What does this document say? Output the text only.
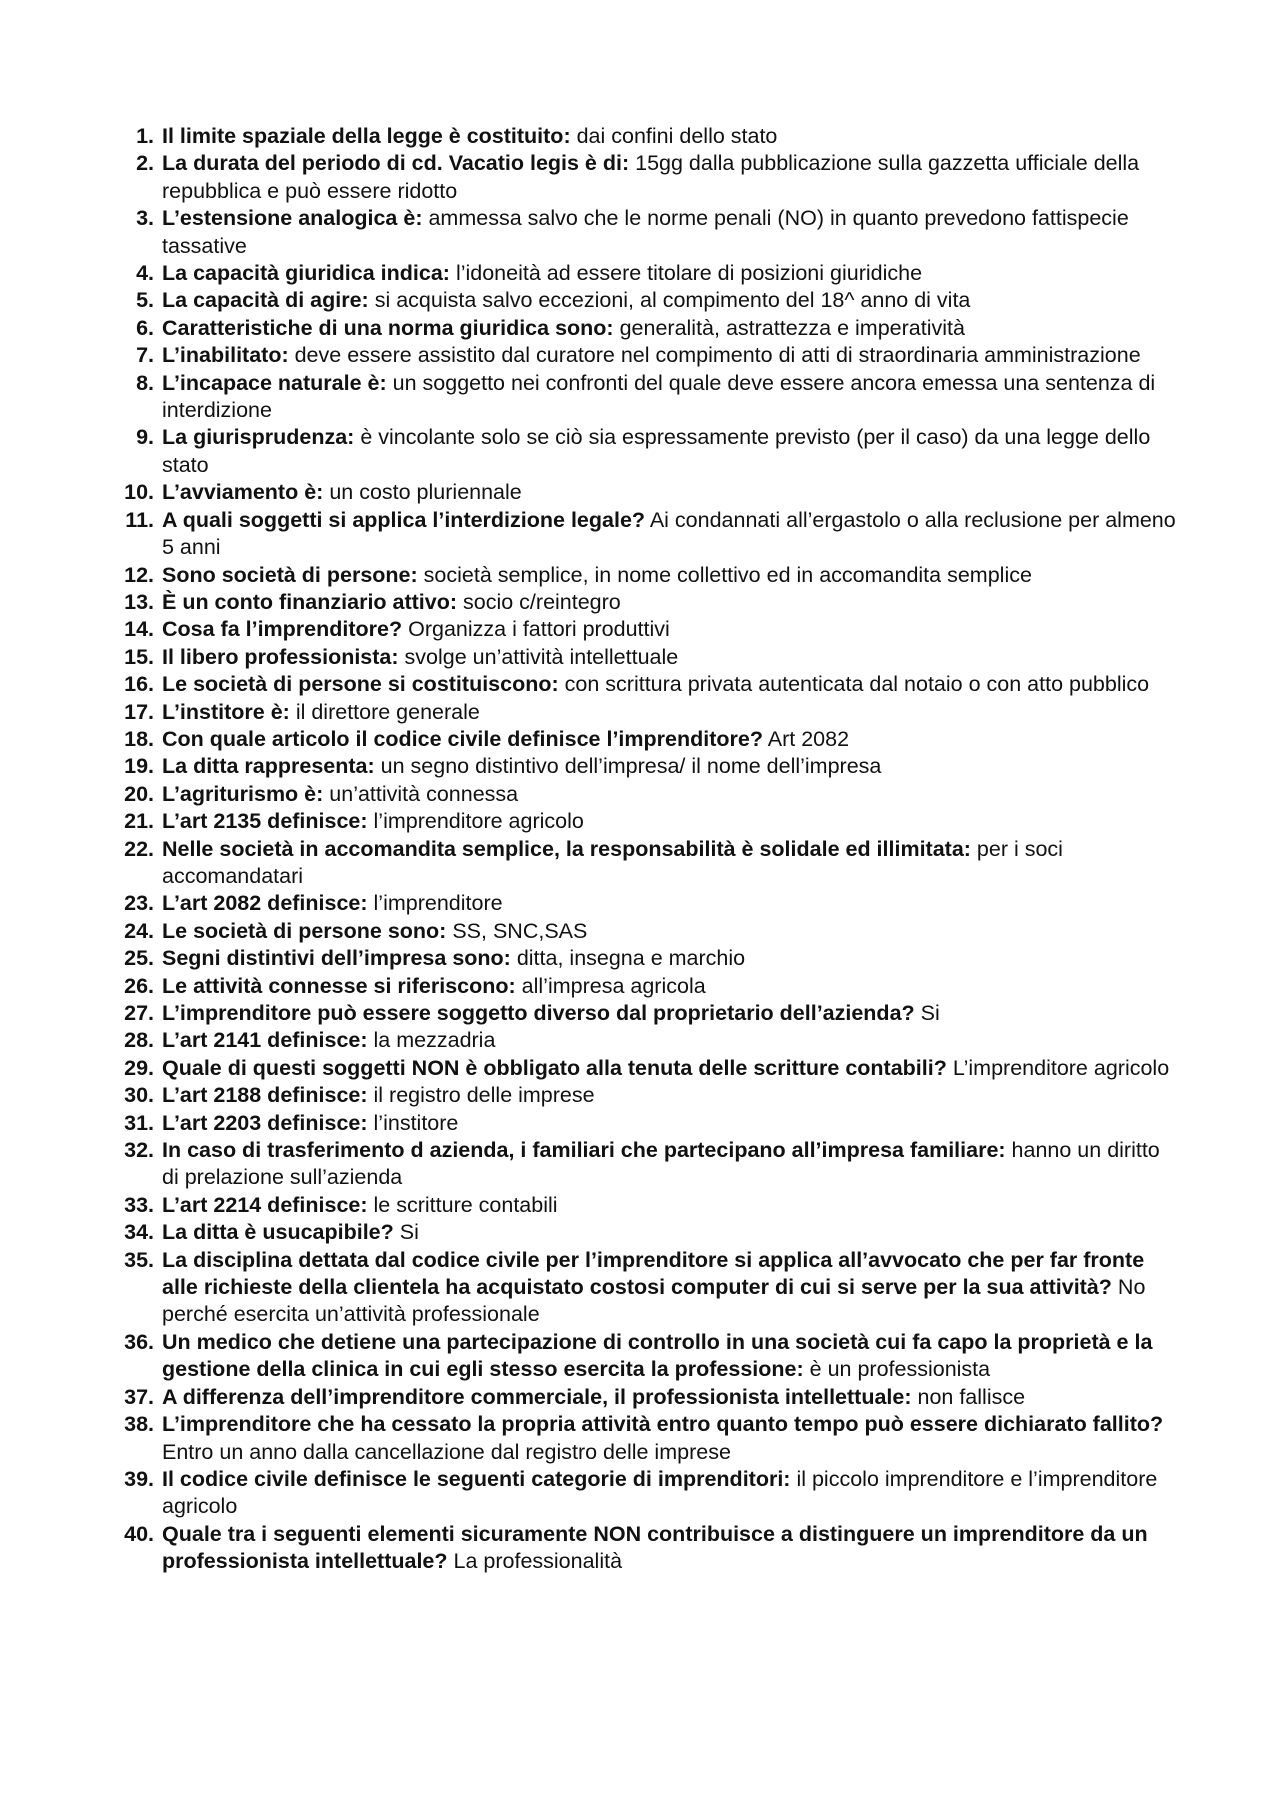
1. Il limite spaziale della legge è costituito: dai confini dello stato
2. La durata del periodo di cd. Vacatio legis è di: 15gg dalla pubblicazione sulla gazzetta ufficiale della repubblica e può essere ridotto
3. L’estensione analogica è: ammessa salvo che le norme penali (NO) in quanto prevedono fattispecie tassative
4. La capacità giuridica indica: l’idoneità ad essere titolare di posizioni giuridiche
5. La capacità di agire: si acquista salvo eccezioni, al compimento del 18^ anno di vita
6. Caratteristiche di una norma giuridica sono: generalità, astrattezza e imperatività
7. L’inabilitato: deve essere assistito dal curatore nel compimento di atti di straordinaria amministrazione
8. L’incapace naturale è: un soggetto nei confronti del quale deve essere ancora emessa una sentenza di interdizione
9. La giurisprudenza: è vincolante solo se ciò sia espressamente previsto (per il caso) da una legge dello stato
10. L’avviamento è: un costo pluriennale
11. A quali soggetti si applica l’interdizione legale? Ai condannati all’ergastolo o alla reclusione per almeno 5 anni
12. Sono società di persone: società semplice, in nome collettivo ed in accomandita semplice
13. È un conto finanziario attivo: socio c/reintegro
14. Cosa fa l’imprenditore? Organizza i fattori produttivi
15. Il libero professionista: svolge un’attività intellettuale
16. Le società di persone si costituiscono: con scrittura privata autenticata dal notaio o con atto pubblico
17. L’institore è: il direttore generale
18. Con quale articolo il codice civile definisce l’imprenditore? Art 2082
19. La ditta rappresenta: un segno distintivo dell’impresa/ il nome dell’impresa
20. L’agriturismo è: un’attività connessa
21. L’art 2135 definisce: l’imprenditore agricolo
22. Nelle società in accomandita semplice, la responsabilità è solidale ed illimitata: per i soci accomandatari
23. L’art 2082 definisce: l’imprenditore
24. Le società di persone sono: SS, SNC,SAS
25. Segni distintivi dell’impresa sono: ditta, insegna e marchio
26. Le attività connesse si riferiscono: all’impresa agricola
27. L’imprenditore può essere soggetto diverso dal proprietario dell’azienda? Si
28. L’art 2141 definisce: la mezzadria
29. Quale di questi soggetti NON è obbligato alla tenuta delle scritture contabili? L’imprenditore agricolo
30. L’art 2188 definisce: il registro delle imprese
31. L’art 2203 definisce: l’institore
32. In caso di trasferimento d azienda, i familiari che partecipano all’impresa familiare: hanno un diritto di prelazione sull’azienda
33. L’art 2214 definisce: le scritture contabili
34. La ditta è usucapibile? Si
35. La disciplina dettata dal codice civile per l’imprenditore si applica all’avvocato che per far fronte alle richieste della clientela ha acquistato costosi computer di cui si serve per la sua attività? No perché esercita un’attività professionale
36. Un medico che detiene una partecipazione di controllo in una società cui fa capo la proprietà e la gestione della clinica in cui egli stesso esercita la professione: è un professionista
37. A differenza dell’imprenditore commerciale, il professionista intellettuale: non fallisce
38. L’imprenditore che ha cessato la propria attività entro quanto tempo può essere dichiarato fallito? Entro un anno dalla cancellazione dal registro delle imprese
39. Il codice civile definisce le seguenti categorie di imprenditori: il piccolo imprenditore e l’imprenditore agricolo
40. Quale tra i seguenti elementi sicuramente NON contribuisce a distinguere un imprenditore da un professionista intellettuale? La professionalità
